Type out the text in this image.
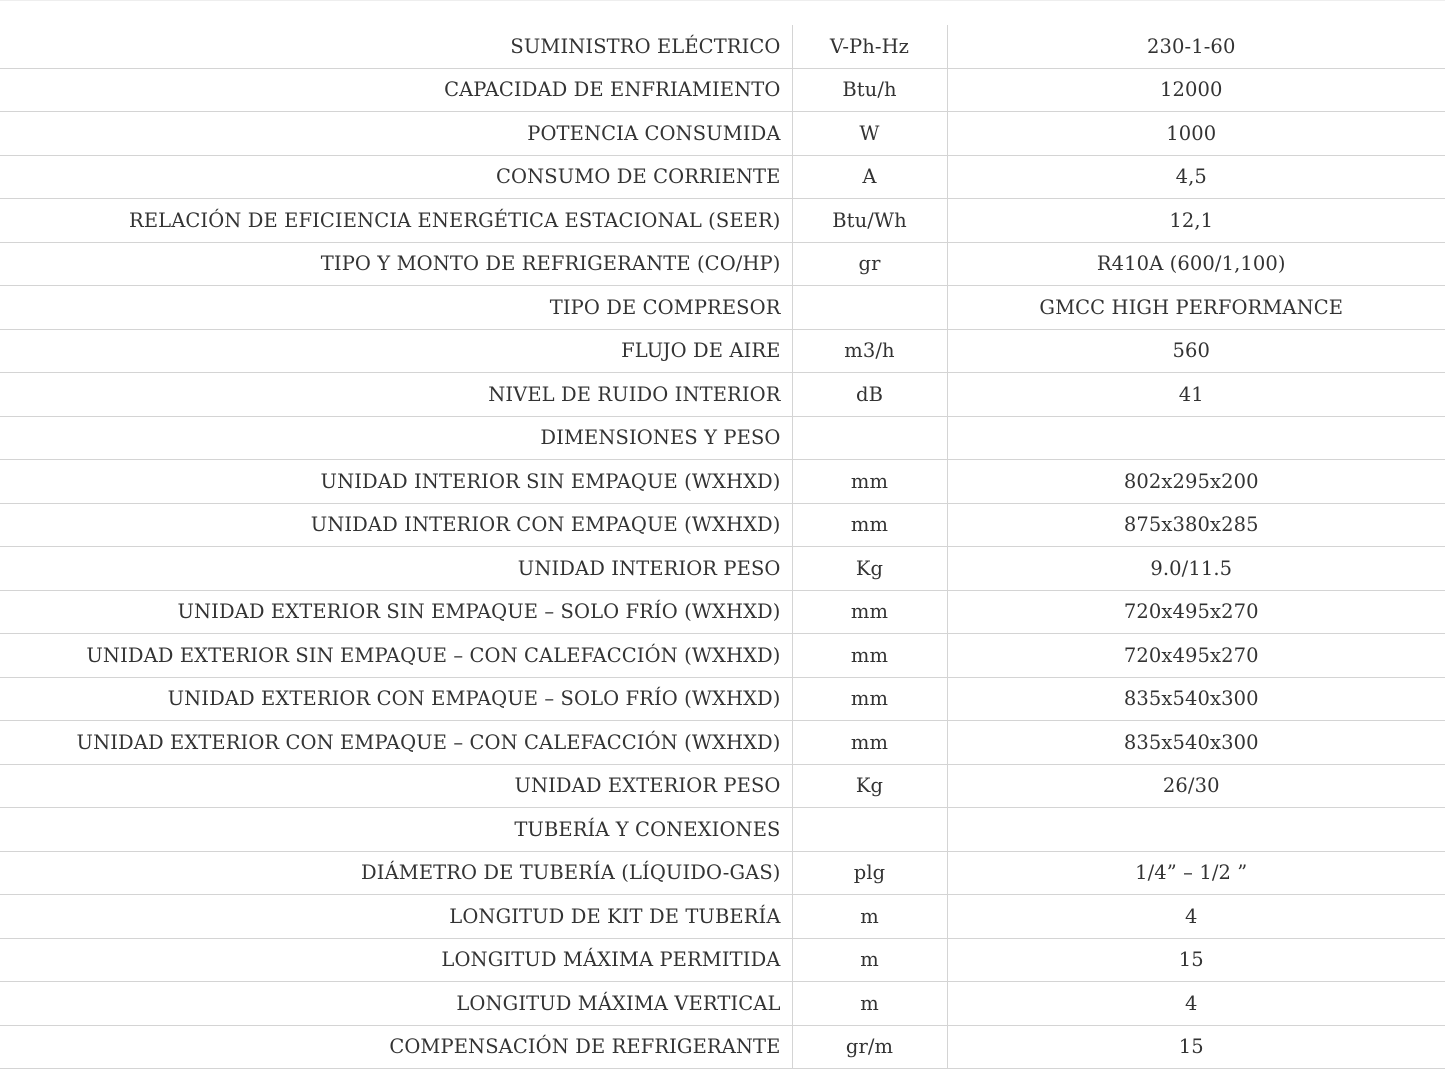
SUMINISTRO ELÉCTRICO	V-Ph-Hz	230-1-60
CAPACIDAD DE ENFRIAMIENTO	Btu/h	12000
POTENCIA CONSUMIDA	W	1000
CONSUMO DE CORRIENTE	A	4,5
RELACIÓN DE EFICIENCIA ENERGÉTICA ESTACIONAL (SEER)	Btu/Wh	12,1
TIPO Y MONTO DE REFRIGERANTE (CO/HP)	gr	R410A (600/1,100)
TIPO DE COMPRESOR		GMCC HIGH PERFORMANCE
FLUJO DE AIRE	m3/h	560
NIVEL DE RUIDO INTERIOR	dB	41
DIMENSIONES Y PESO		
UNIDAD INTERIOR SIN EMPAQUE (WXHXD)	mm	802x295x200
UNIDAD INTERIOR CON EMPAQUE (WXHXD)	mm	875x380x285
UNIDAD INTERIOR PESO	Kg	9.0/11.5
UNIDAD EXTERIOR SIN EMPAQUE – SOLO FRÍO (WXHXD)	mm	720x495x270
UNIDAD EXTERIOR SIN EMPAQUE – CON CALEFACCIÓN (WXHXD)	mm	720x495x270
UNIDAD EXTERIOR CON EMPAQUE – SOLO FRÍO (WXHXD)	mm	835x540x300
UNIDAD EXTERIOR CON EMPAQUE – CON CALEFACCIÓN (WXHXD)	mm	835x540x300
UNIDAD EXTERIOR PESO	Kg	26/30
TUBERÍA Y CONEXIONES		
DIÁMETRO DE TUBERÍA (LÍQUIDO-GAS)	plg	1/4” – 1/2 ”
LONGITUD DE KIT DE TUBERÍA	m	4
LONGITUD MÁXIMA PERMITIDA	m	15
LONGITUD MÁXIMA VERTICAL	m	4
COMPENSACIÓN DE REFRIGERANTE	gr/m	15
